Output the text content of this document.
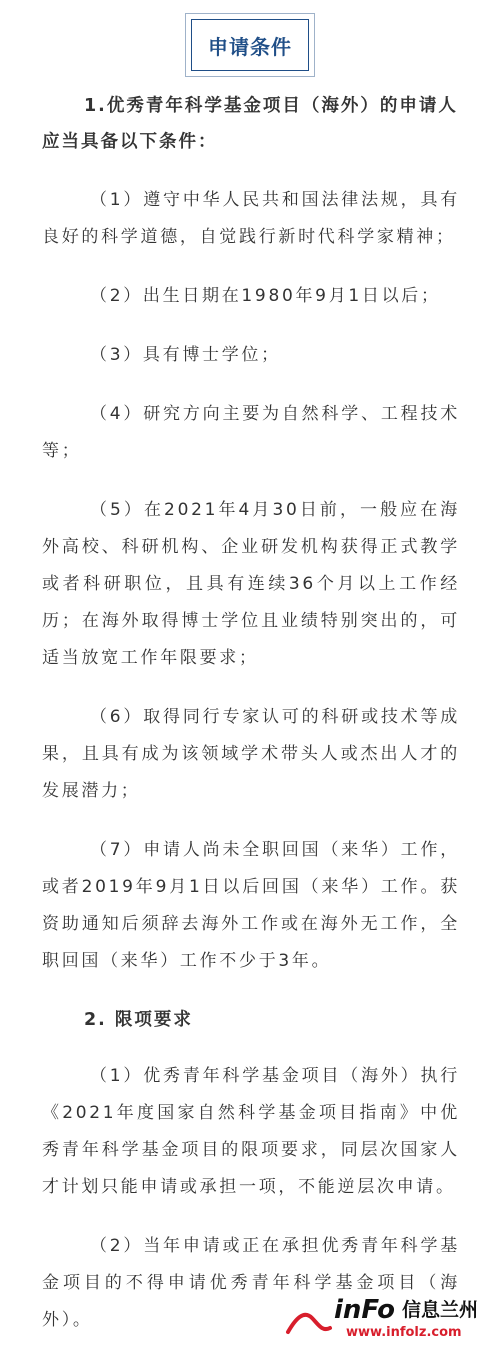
申请条件

1.优秀青年科学基金项目（海外）的申请人应当具备以下条件：

（1）遵守中华人民共和国法律法规，具有良好的科学道德，自觉践行新时代科学家精神；

（2）出生日期在1980年9月1日以后；

（3）具有博士学位；

（4）研究方向主要为自然科学、工程技术等；

（5）在2021年4月30日前，一般应在海外高校、科研机构、企业研发机构获得正式教学或者科研职位，且具有连续36个月以上工作经历；在海外取得博士学位且业绩特别突出的，可适当放宽工作年限要求；

（6）取得同行专家认可的科研或技术等成果，且具有成为该领域学术带头人或杰出人才的发展潜力；

（7）申请人尚未全职回国（来华）工作，或者2019年9月1日以后回国（来华）工作。获资助通知后须辞去海外工作或在海外无工作，全职回国（来华）工作不少于3年。

2. 限项要求

（1）优秀青年科学基金项目（海外）执行《2021年度国家自然科学基金项目指南》中优秀青年科学基金项目的限项要求，同层次国家人才计划只能申请或承担一项，不能逆层次申请。

（2）当年申请或正在承担优秀青年科学基金项目的不得申请优秀青年科学基金项目（海外）。	inFo 信息兰州
www.infolz.com
